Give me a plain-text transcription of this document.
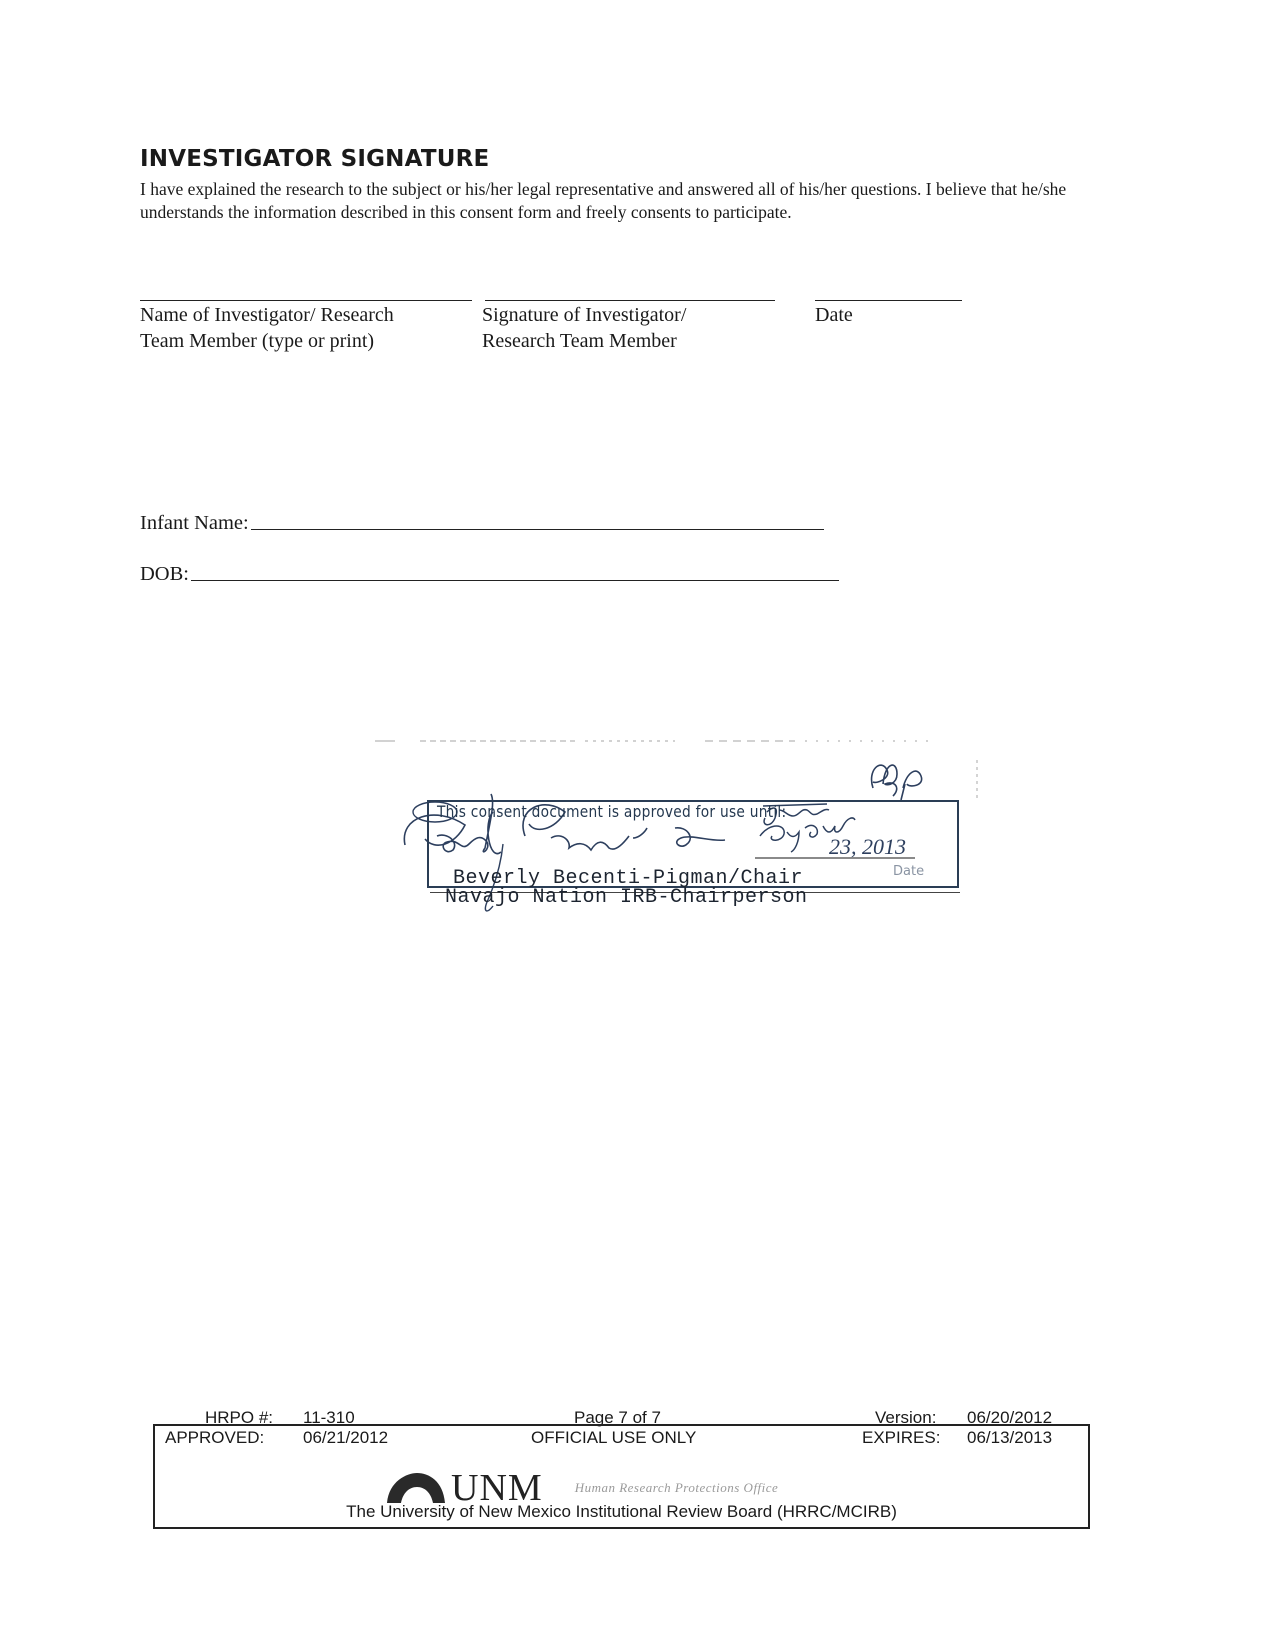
INVESTIGATOR SIGNATURE
I have explained the research to the subject or his/her legal representative and answered all of his/her questions. I believe that he/she understands the information described in this consent form and freely consents to participate.
Name of Investigator/ Research
Team Member (type or print)
Signature of Investigator/
Research Team Member
Date
Infant Name:
DOB:
23, 2013
This consent document is approved for use until:
Date
Beverly Becenti-Pigman/Chair
Navajo Nation IRB-Chairperson
HRPO #: 11-310	Page 7 of 7	Version: 06/20/2012
APPROVED: 06/21/2012	OFFICIAL USE ONLY	EXPIRES: 06/13/2013
The University of New Mexico Institutional Review Board (HRRC/MCIRB)
UNM Human Research Protections Office
